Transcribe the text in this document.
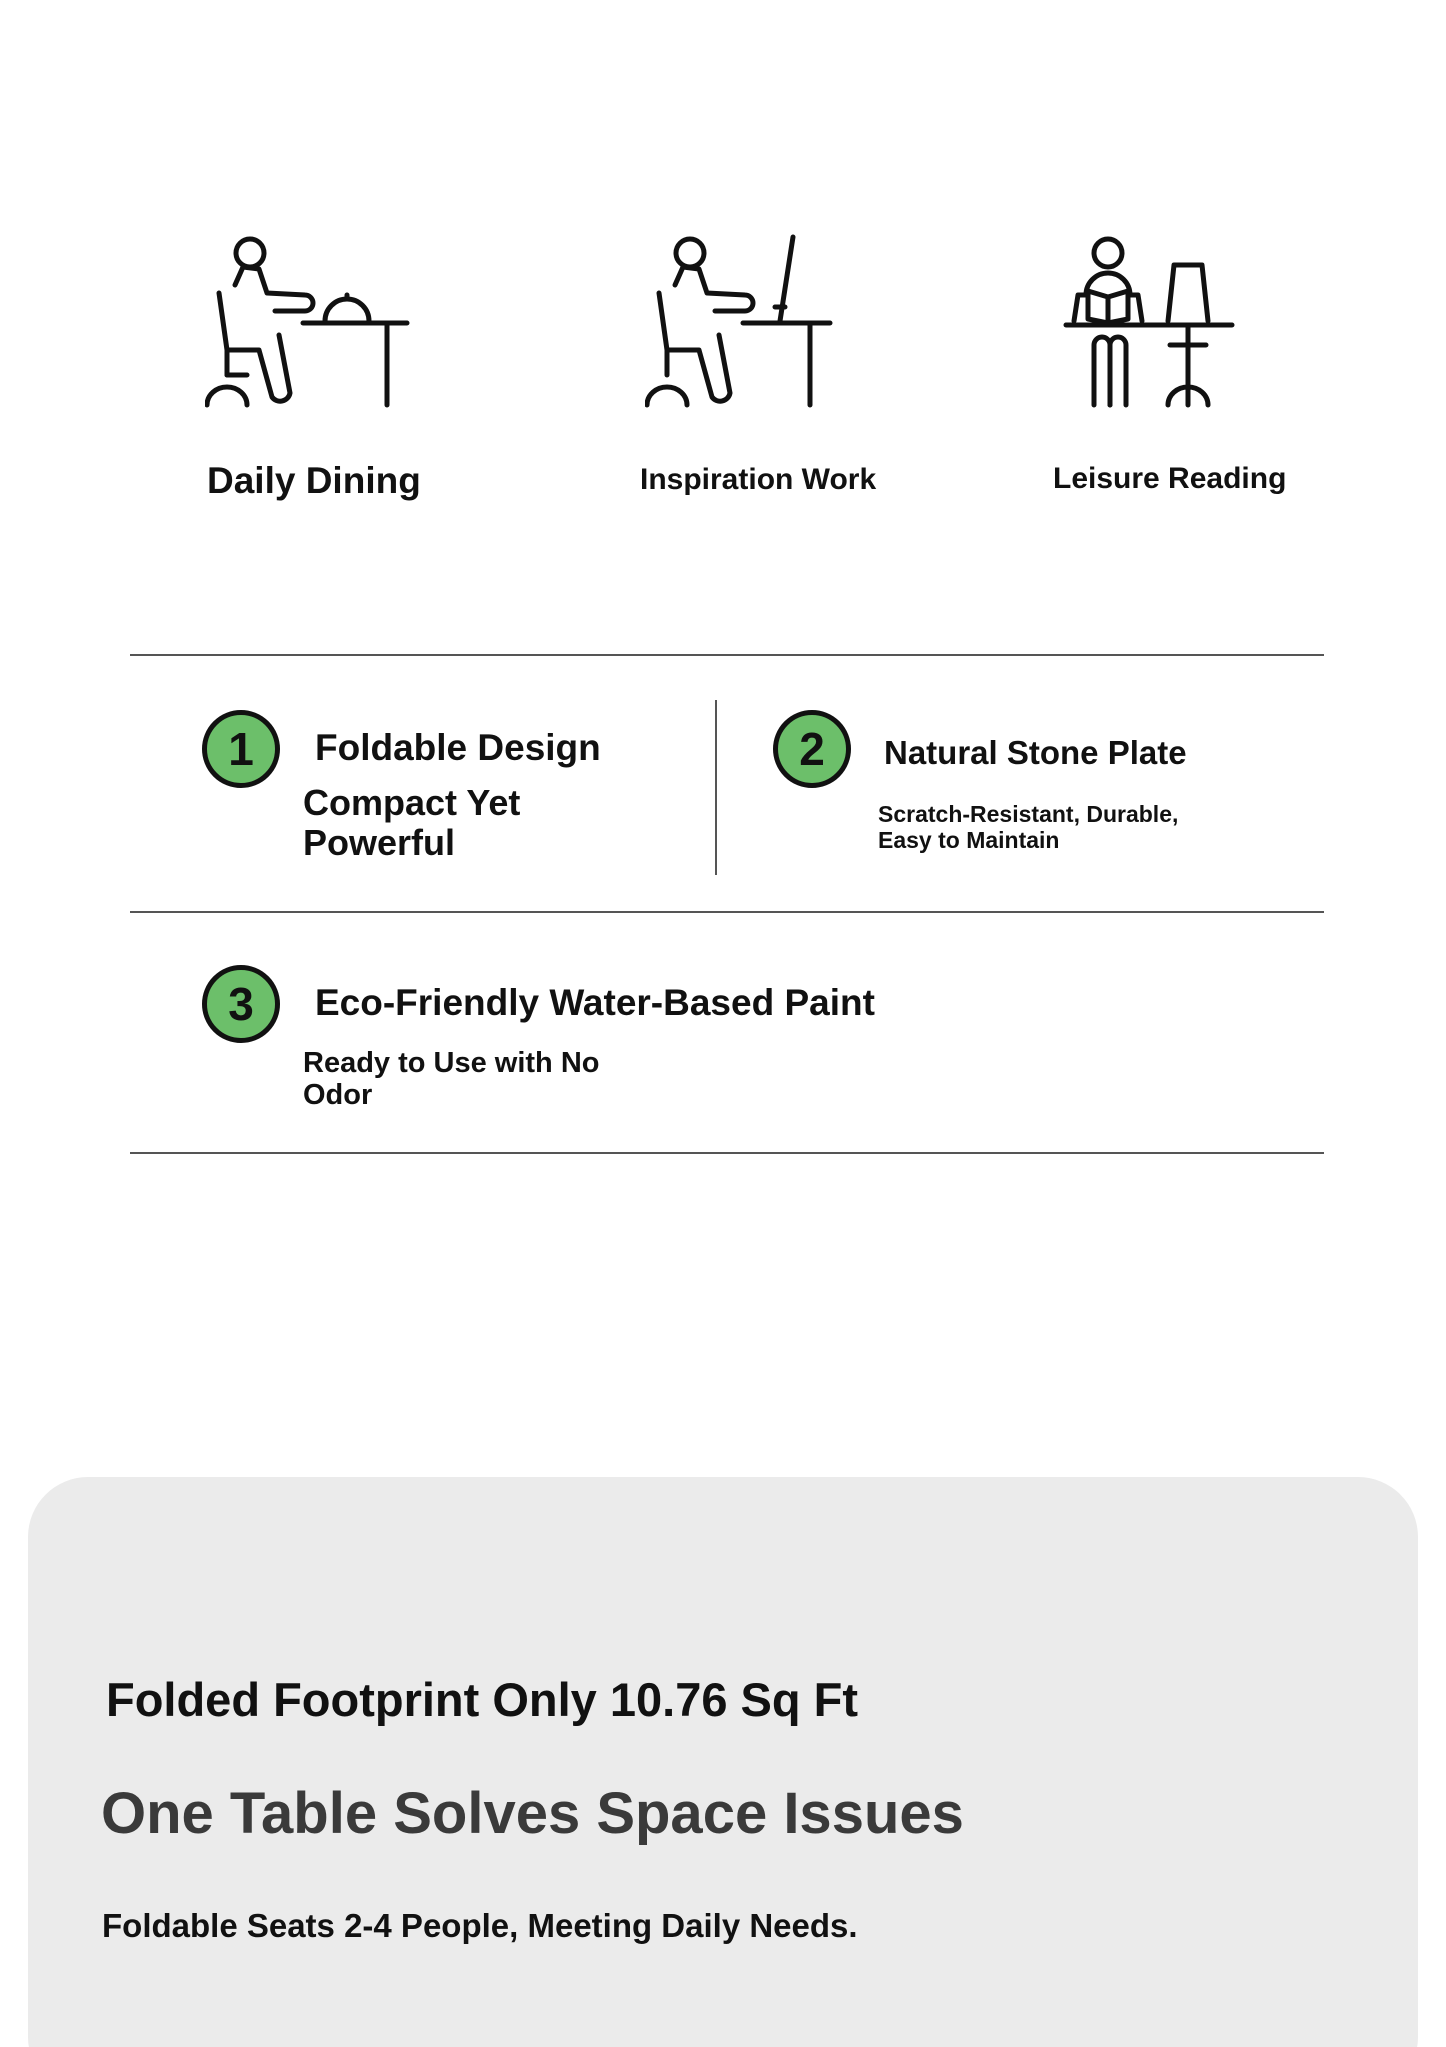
Daily Dining	Inspiration Work	Leisure Reading
1	Foldable Design
Compact Yet Powerful
2	Natural Stone Plate
Scratch-Resistant, Durable, Easy to Maintain
3	Eco-Friendly Water-Based Paint
Ready to Use with No Odor
Folded Footprint Only 10.76 Sq Ft
One Table Solves Space Issues
Foldable Seats 2-4 People, Meeting Daily Needs.
